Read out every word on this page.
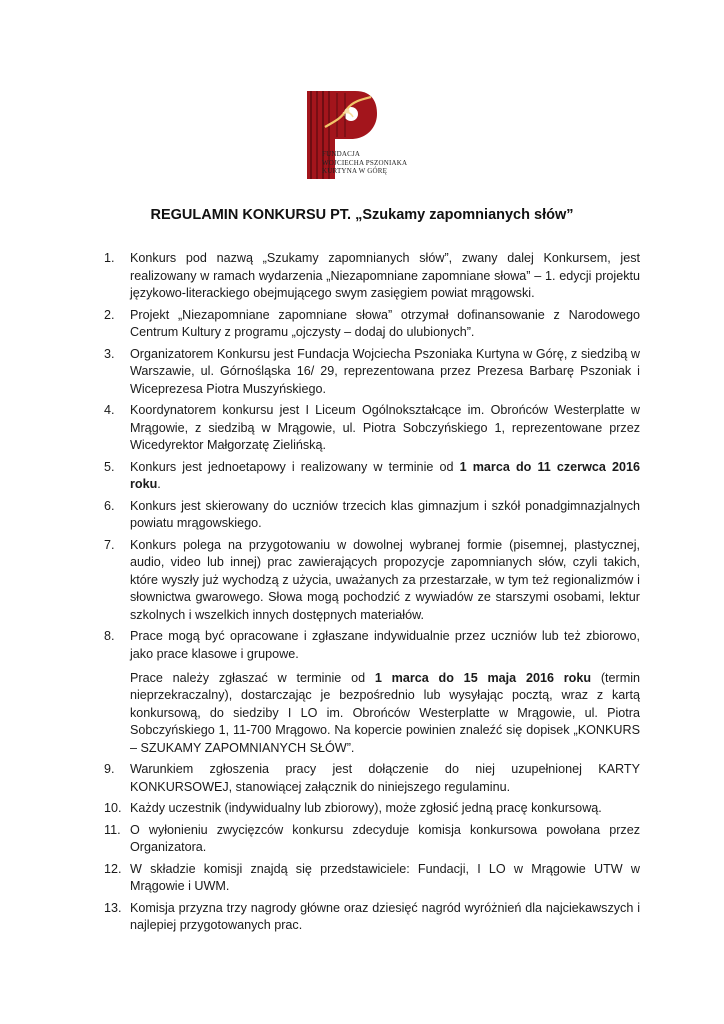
FUNDACJA
WOJCIECHA PSZONIAKA
KURTYNA W GÓRĘ
REGULAMIN KONKURSU PT. „Szukamy zapomnianych słów”
1.	Konkurs pod nazwą „Szukamy zapomnianych słów”, zwany dalej Konkursem, jest realizowany w ramach wydarzenia „Niezapomniane zapomniane słowa” – 1. edycji projektu językowo-literackiego obejmującego swym zasięgiem powiat mrągowski.

2.	Projekt „Niezapomniane zapomniane słowa” otrzymał dofinansowanie z Narodowego Centrum Kultury z programu „ojczysty – dodaj do ulubionych”.

3.	Organizatorem Konkursu jest Fundacja Wojciecha Pszoniaka Kurtyna w Górę, z siedzibą w Warszawie, ul. Górnośląska 16/ 29, reprezentowana przez Prezesa Barbarę Pszoniak i Wiceprezesa Piotra Muszyńskiego.

4.	Koordynatorem konkursu jest I Liceum Ogólnokształcące im. Obrońców Westerplatte w Mrągowie, z siedzibą w Mrągowie, ul. Piotra Sobczyńskiego 1, reprezentowane przez Wicedyrektor Małgorzatę Zielińską.

5.	Konkurs jest jednoetapowy i realizowany w terminie od 1 marca do 11 czerwca 2016 roku.

6.	Konkurs jest skierowany do uczniów trzecich klas gimnazjum i szkół ponadgimnazjalnych powiatu mrągowskiego.

7.	Konkurs polega na przygotowaniu w dowolnej wybranej formie (pisemnej, plastycznej, audio, video lub innej) prac zawierających propozycje zapomnianych słów, czyli takich, które wyszły już wychodzą z użycia, uważanych za przestarzałe, w tym też regionalizmów i słownictwa gwarowego. Słowa mogą pochodzić z wywiadów ze starszymi osobami, lektur szkolnych i wszelkich innych dostępnych materiałów.

8.	Prace mogą być opracowane i zgłaszane indywidualnie przez uczniów lub też zbiorowo, jako prace klasowe i grupowe.

Prace należy zgłaszać w terminie od 1 marca do 15 maja 2016 roku (termin nieprzekraczalny), dostarczając je bezpośrednio lub wysyłając pocztą, wraz z kartą konkursową, do siedziby I LO im. Obrońców Westerplatte w Mrągowie, ul. Piotra Sobczyńskiego 1, 11-700 Mrągowo. Na kopercie powinien znaleźć się dopisek „KONKURS – SZUKAMY ZAPOMNIANYCH SŁÓW”.

9.	Warunkiem zgłoszenia pracy jest dołączenie do niej uzupełnionej KARTY KONKURSOWEJ, stanowiącej załącznik do niniejszego regulaminu.

10. Każdy uczestnik (indywidualny lub zbiorowy), może zgłosić jedną pracę konkursową.

11. O wyłonieniu zwycięzców konkursu zdecyduje komisja konkursowa powołana przez Organizatora.

12. W składzie komisji znajdą się przedstawiciele: Fundacji, I LO w Mrągowie UTW w Mrągowie i UWM.

13. Komisja przyzna trzy nagrody główne oraz dziesięć nagród wyróżnień dla najciekawszych i najlepiej przygotowanych prac.
